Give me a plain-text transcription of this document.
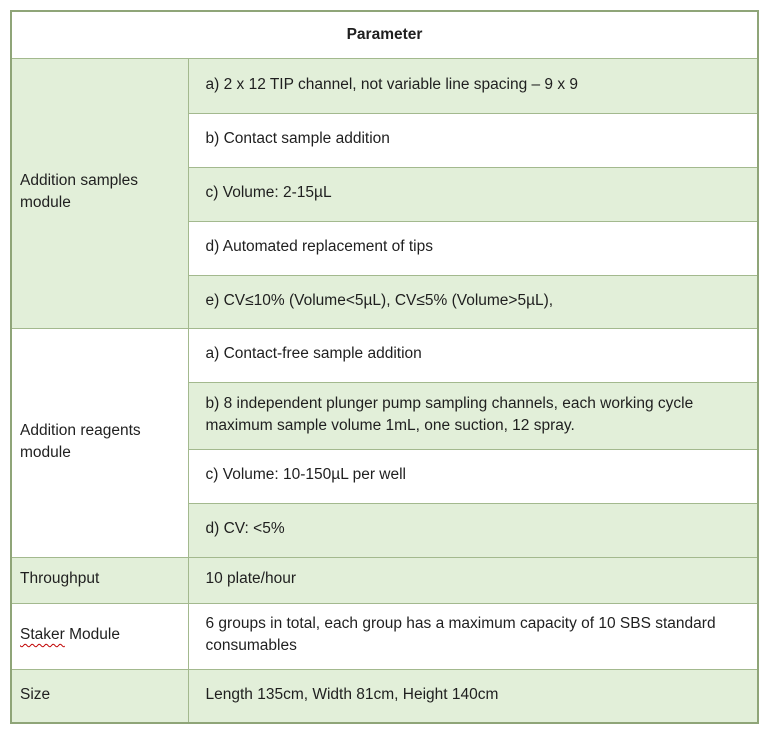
Parameter	
Addition samples module	a) 2 x 12 TIP channel, not variable line spacing – 9 x 9
	b) Contact sample addition
	c) Volume: 2-15µL
	d) Automated replacement of tips
	e) CV≤10% (Volume<5µL), CV≤5% (Volume>5µL),
Addition reagents module	a) Contact-free sample addition
	b) 8 independent plunger pump sampling channels, each working cycle maximum sample volume 1mL, one suction, 12 spray.
	c) Volume: 10-150µL per well
	d) CV: <5%
Throughput	10 plate/hour
Staker Module	6 groups in total, each group has a maximum capacity of 10 SBS standard consumables
Size	Length 135cm, Width 81cm, Height 140cm
